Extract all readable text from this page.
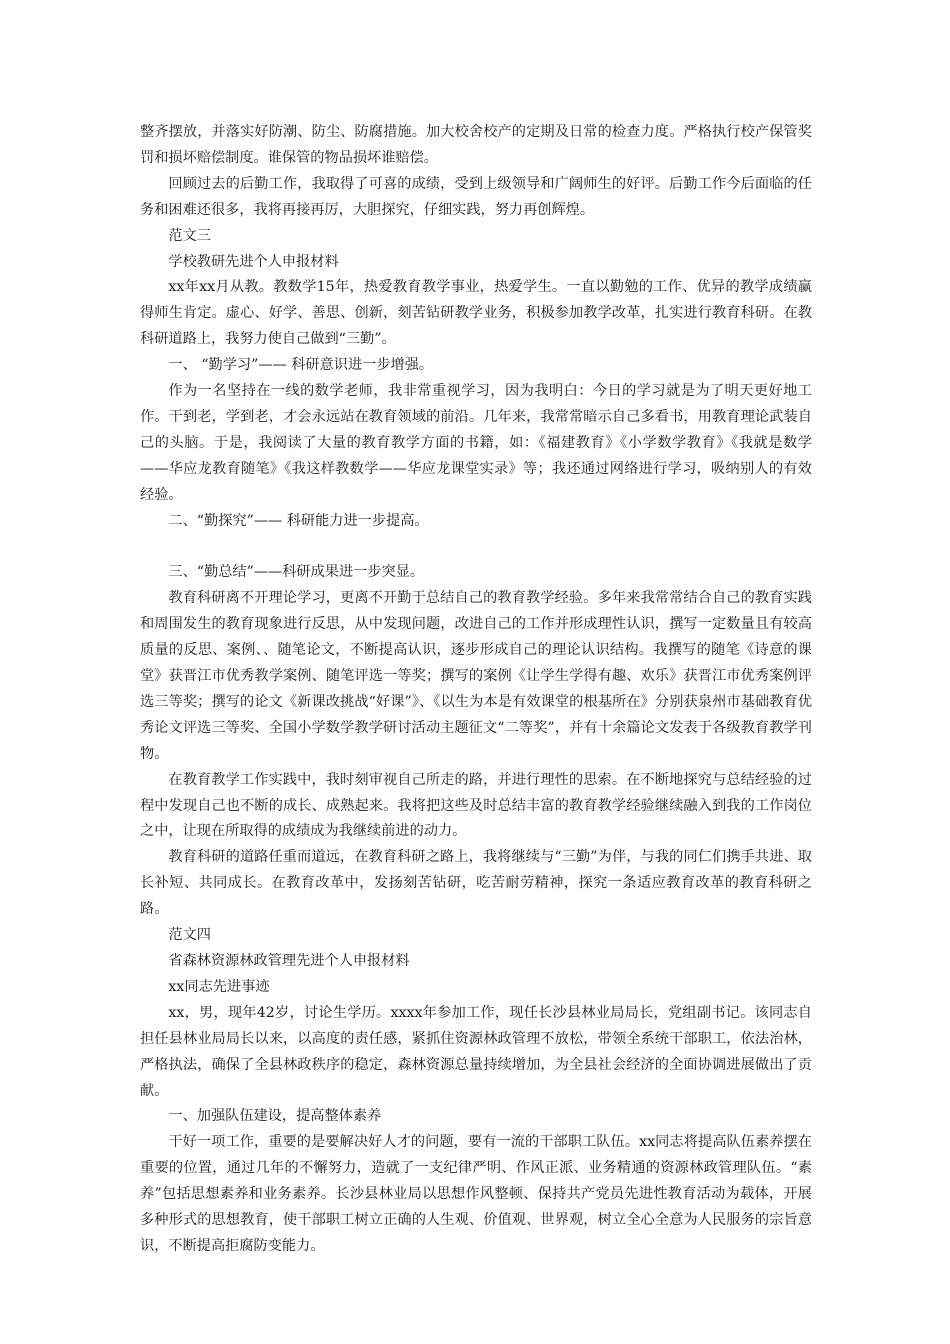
整齐摆放，并落实好防潮、防尘、防腐措施。加大校舍校产的定期及日常的检查力度。严格执行校产保管奖罚和损坏赔偿制度。谁保管的物品损坏谁赔偿。

回顾过去的后勤工作，我取得了可喜的成绩，受到上级领导和广阔师生的好评。后勤工作今后面临的任务和困难还很多，我将再接再厉，大胆探究，仔细实践，努力再创辉煌。

范文三

学校教研先进个人申报材料

xx年xx月从教。教数学15年，热爱教育教学事业，热爱学生。一直以勤勉的工作、优异的教学成绩赢得师生肯定。虚心、好学、善思、创新，刻苦钻研教学业务，积极参加教学改革，扎实进行教育科研。在教科研道路上，我努力使自己做到“三勤”。

一、 “勤学习”—— 科研意识进一步增强。

作为一名坚持在一线的数学老师，我非常重视学习，因为我明白：今日的学习就是为了明天更好地工作。干到老，学到老，才会永远站在教育领域的前沿。几年来，我常常暗示自己多看书，用教育理论武装自己的头脑。于是，我阅读了大量的教育教学方面的书籍，如：《福建教育》《小学数学教育》《我就是数学——华应龙教育随笔》《我这样教数学——华应龙课堂实录》等；我还通过网络进行学习，吸纳别人的有效经验。

二、“勤探究”—— 科研能力进一步提高。

三、“勤总结”——科研成果进一步突显。

教育科研离不开理论学习，更离不开勤于总结自己的教育教学经验。多年来我常常结合自己的教育实践和周围发生的教育现象进行反思，从中发现问题，改进自己的工作并形成理性认识，撰写一定数量且有较高质量的反思、案例、、随笔论文，不断提高认识，逐步形成自己的理论认识结构。我撰写的随笔《诗意的课堂》获晋江市优秀教学案例、随笔评选一等奖；撰写的案例《让学生学得有趣、欢乐》获晋江市优秀案例评选三等奖；撰写的论文《新课改挑战“好课”》、《以生为本是有效课堂的根基所在》分别获泉州市基础教育优秀论文评选三等奖、全国小学数学教学研讨活动主题征文“二等奖”，并有十余篇论文发表于各级教育教学刊物。

在教育教学工作实践中，我时刻审视自己所走的路，并进行理性的思索。在不断地探究与总结经验的过程中发现自己也不断的成长、成熟起来。我将把这些及时总结丰富的教育教学经验继续融入到我的工作岗位之中，让现在所取得的成绩成为我继续前进的动力。

教育科研的道路任重而道远，在教育科研之路上，我将继续与“三勤”为伴，与我的同仁们携手共进、取长补短、共同成长。在教育改革中，发扬刻苦钻研，吃苦耐劳精神，探究一条适应教育改革的教育科研之路。

范文四

省森林资源林政管理先进个人申报材料

xx同志先进事迹

xx，男，现年42岁，讨论生学历。xxxx年参加工作，现任长沙县林业局局长，党组副书记。该同志自担任县林业局局长以来，以高度的责任感，紧抓住资源林政管理不放松，带领全系统干部职工，依法治林，严格执法，确保了全县林政秩序的稳定，森林资源总量持续增加，为全县社会经济的全面协调进展做出了贡献。

一、加强队伍建设，提高整体素养

干好一项工作，重要的是要解决好人才的问题，要有一流的干部职工队伍。xx同志将提高队伍素养摆在重要的位置，通过几年的不懈努力，造就了一支纪律严明、作风正派、业务精通的资源林政管理队伍。“素养”包括思想素养和业务素养。长沙县林业局以思想作风整顿、保持共产党员先进性教育活动为载体，开展多种形式的思想教育，使干部职工树立正确的人生观、价值观、世界观，树立全心全意为人民服务的宗旨意识，不断提高拒腐防变能力。
